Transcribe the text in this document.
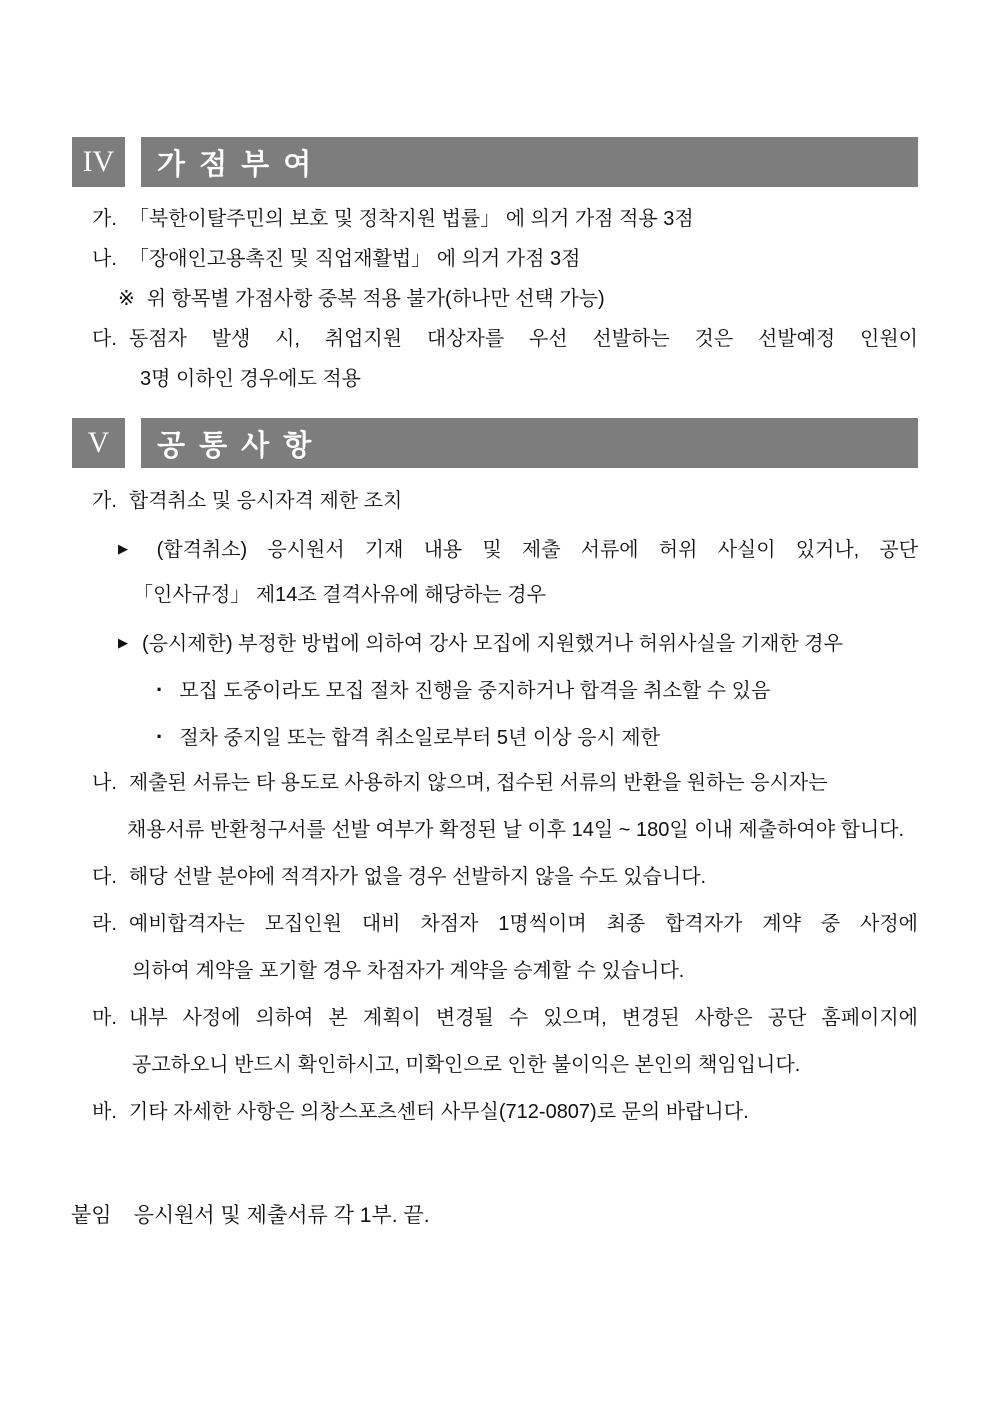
IV 가 점 부 여
가. 「북한이탈주민의 보호 및 정착지원 법률」 에 의거 가점 적용 3점
나. 「장애인고용촉진 및 직업재활법」 에 의거 가점 3점
※ 위 항목별 가점사항 중복 적용 불가(하나만 선택 가능)
다. 동점자 발생 시, 취업지원 대상자를 우선 선발하는 것은 선발예정 인원이
3명 이하인 경우에도 적용
V 공 통 사 항
가. 합격취소 및 응시자격 제한 조치
▶ (합격취소) 응시원서 기재 내용 및 제출 서류에 허위 사실이 있거나, 공단
「인사규정」 제14조 결격사유에 해당하는 경우
▶ (응시제한) 부정한 방법에 의하여 강사 모집에 지원했거나 허위사실을 기재한 경우
· 모집 도중이라도 모집 절차 진행을 중지하거나 합격을 취소할 수 있음
· 절차 중지일 또는 합격 취소일로부터 5년 이상 응시 제한
나. 제출된 서류는 타 용도로 사용하지 않으며, 접수된 서류의 반환을 원하는 응시자는
채용서류 반환청구서를 선발 여부가 확정된 날 이후 14일 ~ 180일 이내 제출하여야 합니다.
다. 해당 선발 분야에 적격자가 없을 경우 선발하지 않을 수도 있습니다.
라. 예비합격자는 모집인원 대비 차점자 1명씩이며 최종 합격자가 계약 중 사정에
의하여 계약을 포기할 경우 차점자가 계약을 승계할 수 있습니다.
마. 내부 사정에 의하여 본 계획이 변경될 수 있으며, 변경된 사항은 공단 홈페이지에
공고하오니 반드시 확인하시고, 미확인으로 인한 불이익은 본인의 책임입니다.
바. 기타 자세한 사항은 의창스포츠센터 사무실(712-0807)로 문의 바랍니다.
붙임 응시원서 및 제출서류 각 1부. 끝.
